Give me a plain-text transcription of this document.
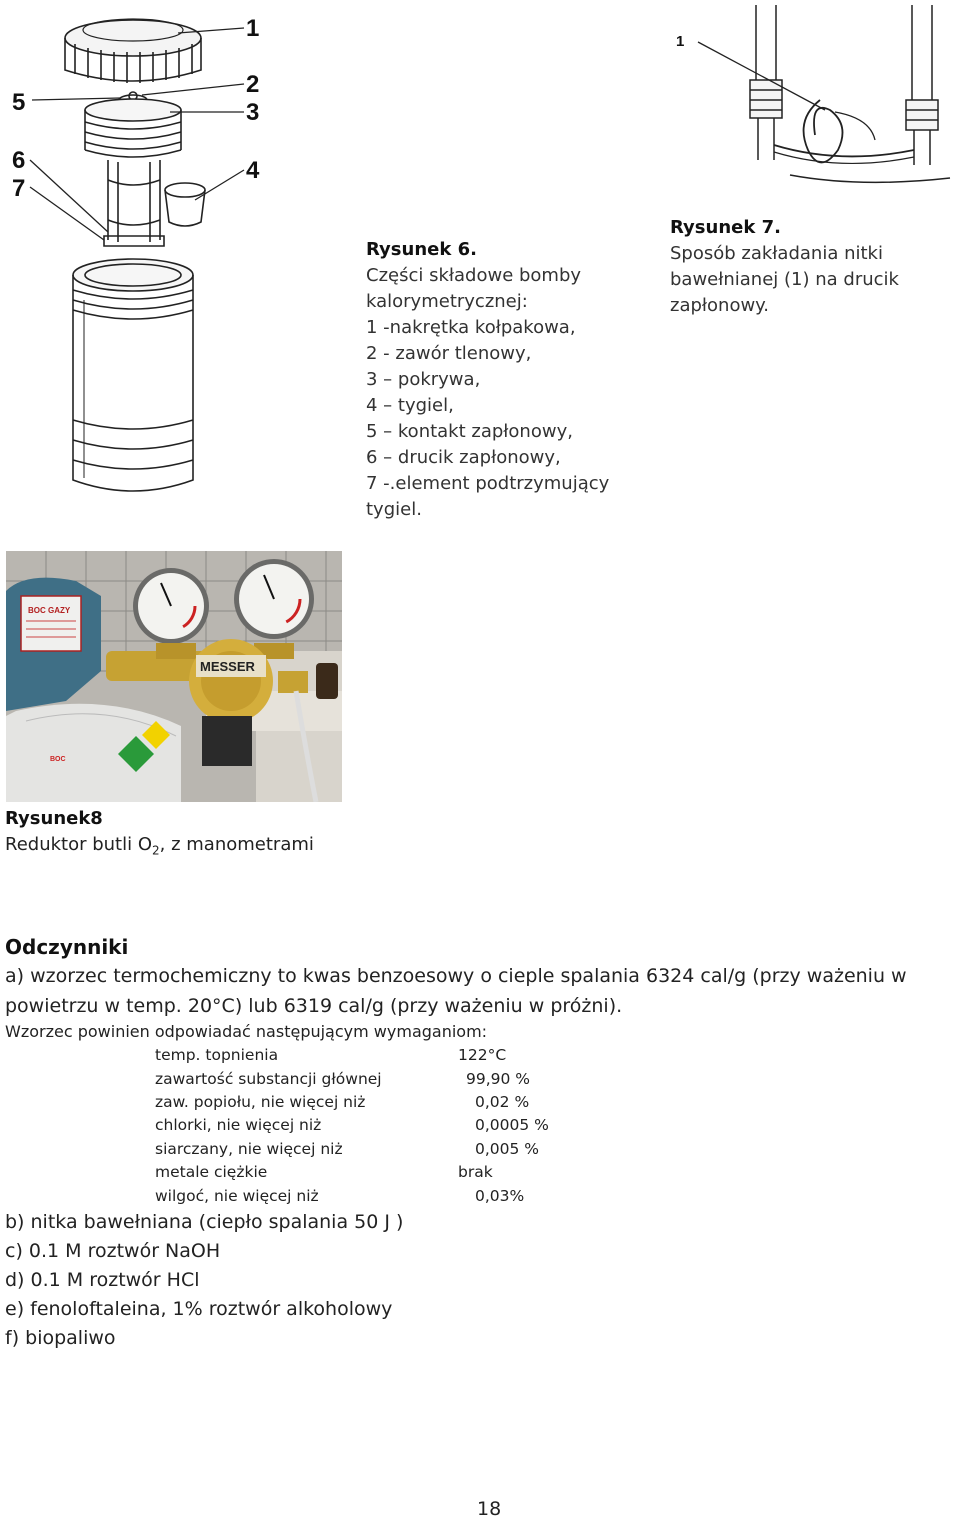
1
2
3
4
5
6
7
Rysunek 6.
Części składowe bomby
kalorymetrycznej:
1 -nakrętka kołpakowa,
2 - zawór tlenowy,
3 – pokrywa,
4 – tygiel,
5 – kontakt zapłonowy,
6 – drucik zapłonowy,
7 -.element podtrzymujący
tygiel.
1
Rysunek 7.
Sposób zakładania nitki
bawełnianej (1) na drucik
zapłonowy.
BOC GAZY
BOC
MESSER
Rysunek8
Reduktor butli $O_2$, z manometrami
Odczynniki
a) wzorzec termochemiczny to kwas benzoesowy o cieple spalania 6324 cal/g (przy ważeniu w
powietrzu w temp. 20°C) lub 6319 cal/g (przy ważeniu w próżni).
Wzorzec powinien odpowiadać następującym wymaganiom:
temp. topnienia	122°C
zawartość substancji głównej	99,90 %
zaw. popiołu, nie więcej niż	0,02 %
chlorki, nie więcej niż	0,0005 %
siarczany, nie więcej niż	0,005 %
metale ciężkie	brak
wilgoć, nie więcej niż	0,03%
b) nitka bawełniana (ciepło spalania 50 J )
c) 0.1 M roztwór NaOH
d) 0.1 M roztwór HCl
e) fenoloftaleina, 1% roztwór alkoholowy
f) biopaliwo
18
